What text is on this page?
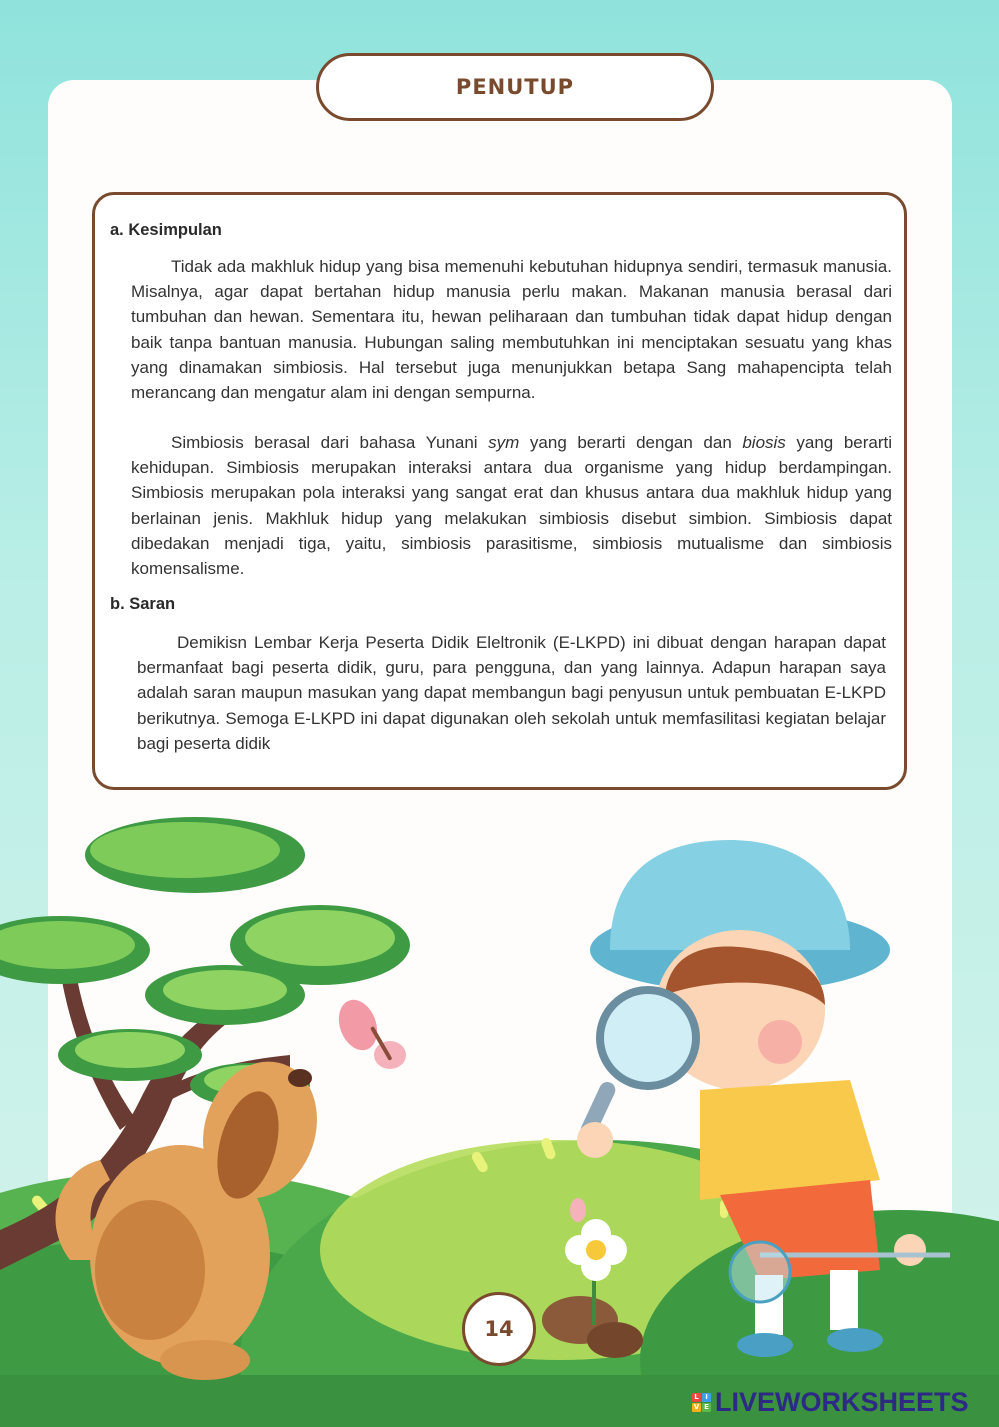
PENUTUP
a. Kesimpulan

Tidak ada makhluk hidup yang bisa memenuhi kebutuhan hidupnya sendiri, termasuk manusia. Misalnya, agar dapat bertahan hidup manusia perlu makan. Makanan manusia berasal dari tumbuhan dan hewan. Sementara itu, hewan peliharaan dan tumbuhan tidak dapat hidup dengan baik tanpa bantuan manusia. Hubungan saling membutuhkan ini menciptakan sesuatu yang khas yang dinamakan simbiosis. Hal tersebut juga menunjukkan betapa Sang mahapencipta telah merancang dan mengatur alam ini dengan sempurna.

Simbiosis berasal dari bahasa Yunani sym yang berarti dengan dan biosis yang berarti kehidupan. Simbiosis merupakan interaksi antara dua organisme yang hidup berdampingan. Simbiosis merupakan pola interaksi yang sangat erat dan khusus antara dua makhluk hidup yang berlainan jenis. Makhluk hidup yang melakukan simbiosis disebut simbion. Simbiosis dapat dibedakan menjadi tiga, yaitu, simbiosis parasitisme, simbiosis mutualisme dan simbiosis komensalisme.

b. Saran

Demikisn Lembar Kerja Peserta Didik Eleltronik (E-LKPD) ini dibuat dengan harapan dapat bermanfaat bagi peserta didik, guru, para pengguna, dan yang lainnya. Adapun harapan saya adalah saran maupun masukan yang dapat membangun bagi penyusun untuk pembuatan E-LKPD berikutnya. Semoga E-LKPD ini dapat digunakan oleh sekolah untuk memfasilitasi kegiatan belajar bagi peserta didik

14
L I
V E LIVEWORKSHEETS
